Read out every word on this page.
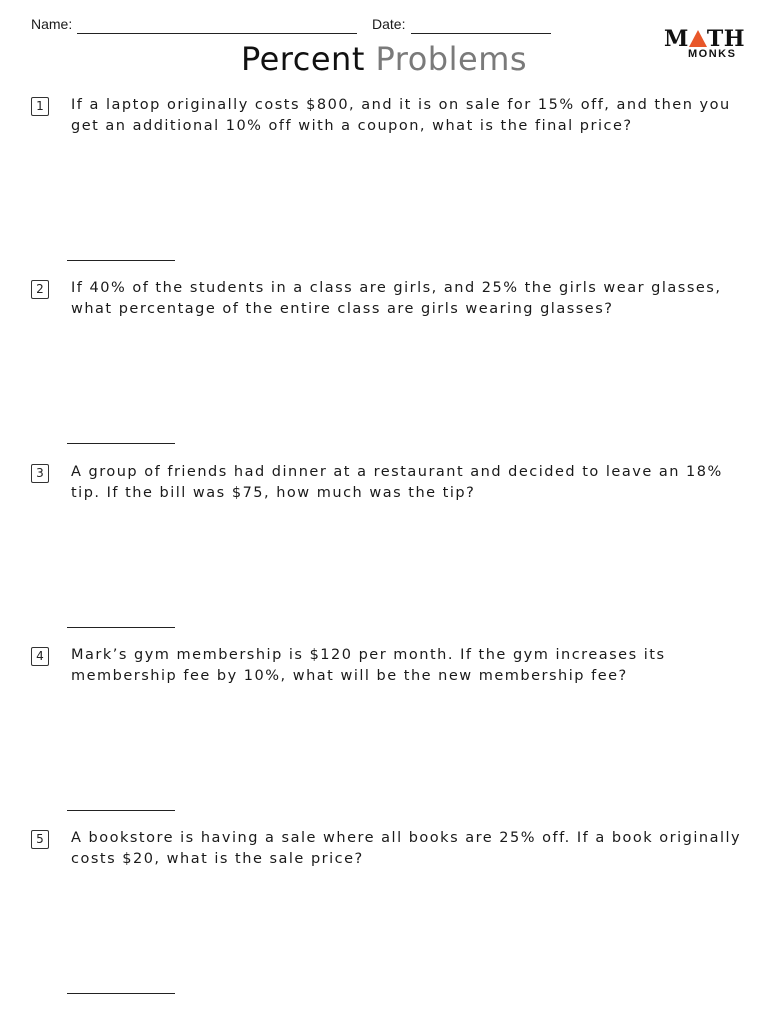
Name:	Date:
Percent Problems
M TH
MONKS
1	If a laptop originally costs $800, and it is on sale for 15% off, and then you get an additional 10% off with a coupon, what is the final price?
2	If 40% of the students in a class are girls, and 25% the girls wear glasses, what percentage of the entire class are girls wearing glasses?
3	A group of friends had dinner at a restaurant and decided to leave an 18% tip. If the bill was $75, how much was the tip?
4	Mark’s gym membership is $120 per month. If the gym increases its membership fee by 10%, what will be the new membership fee?
5	A bookstore is having a sale where all books are 25% off. If a book originally costs $20, what is the sale price?
